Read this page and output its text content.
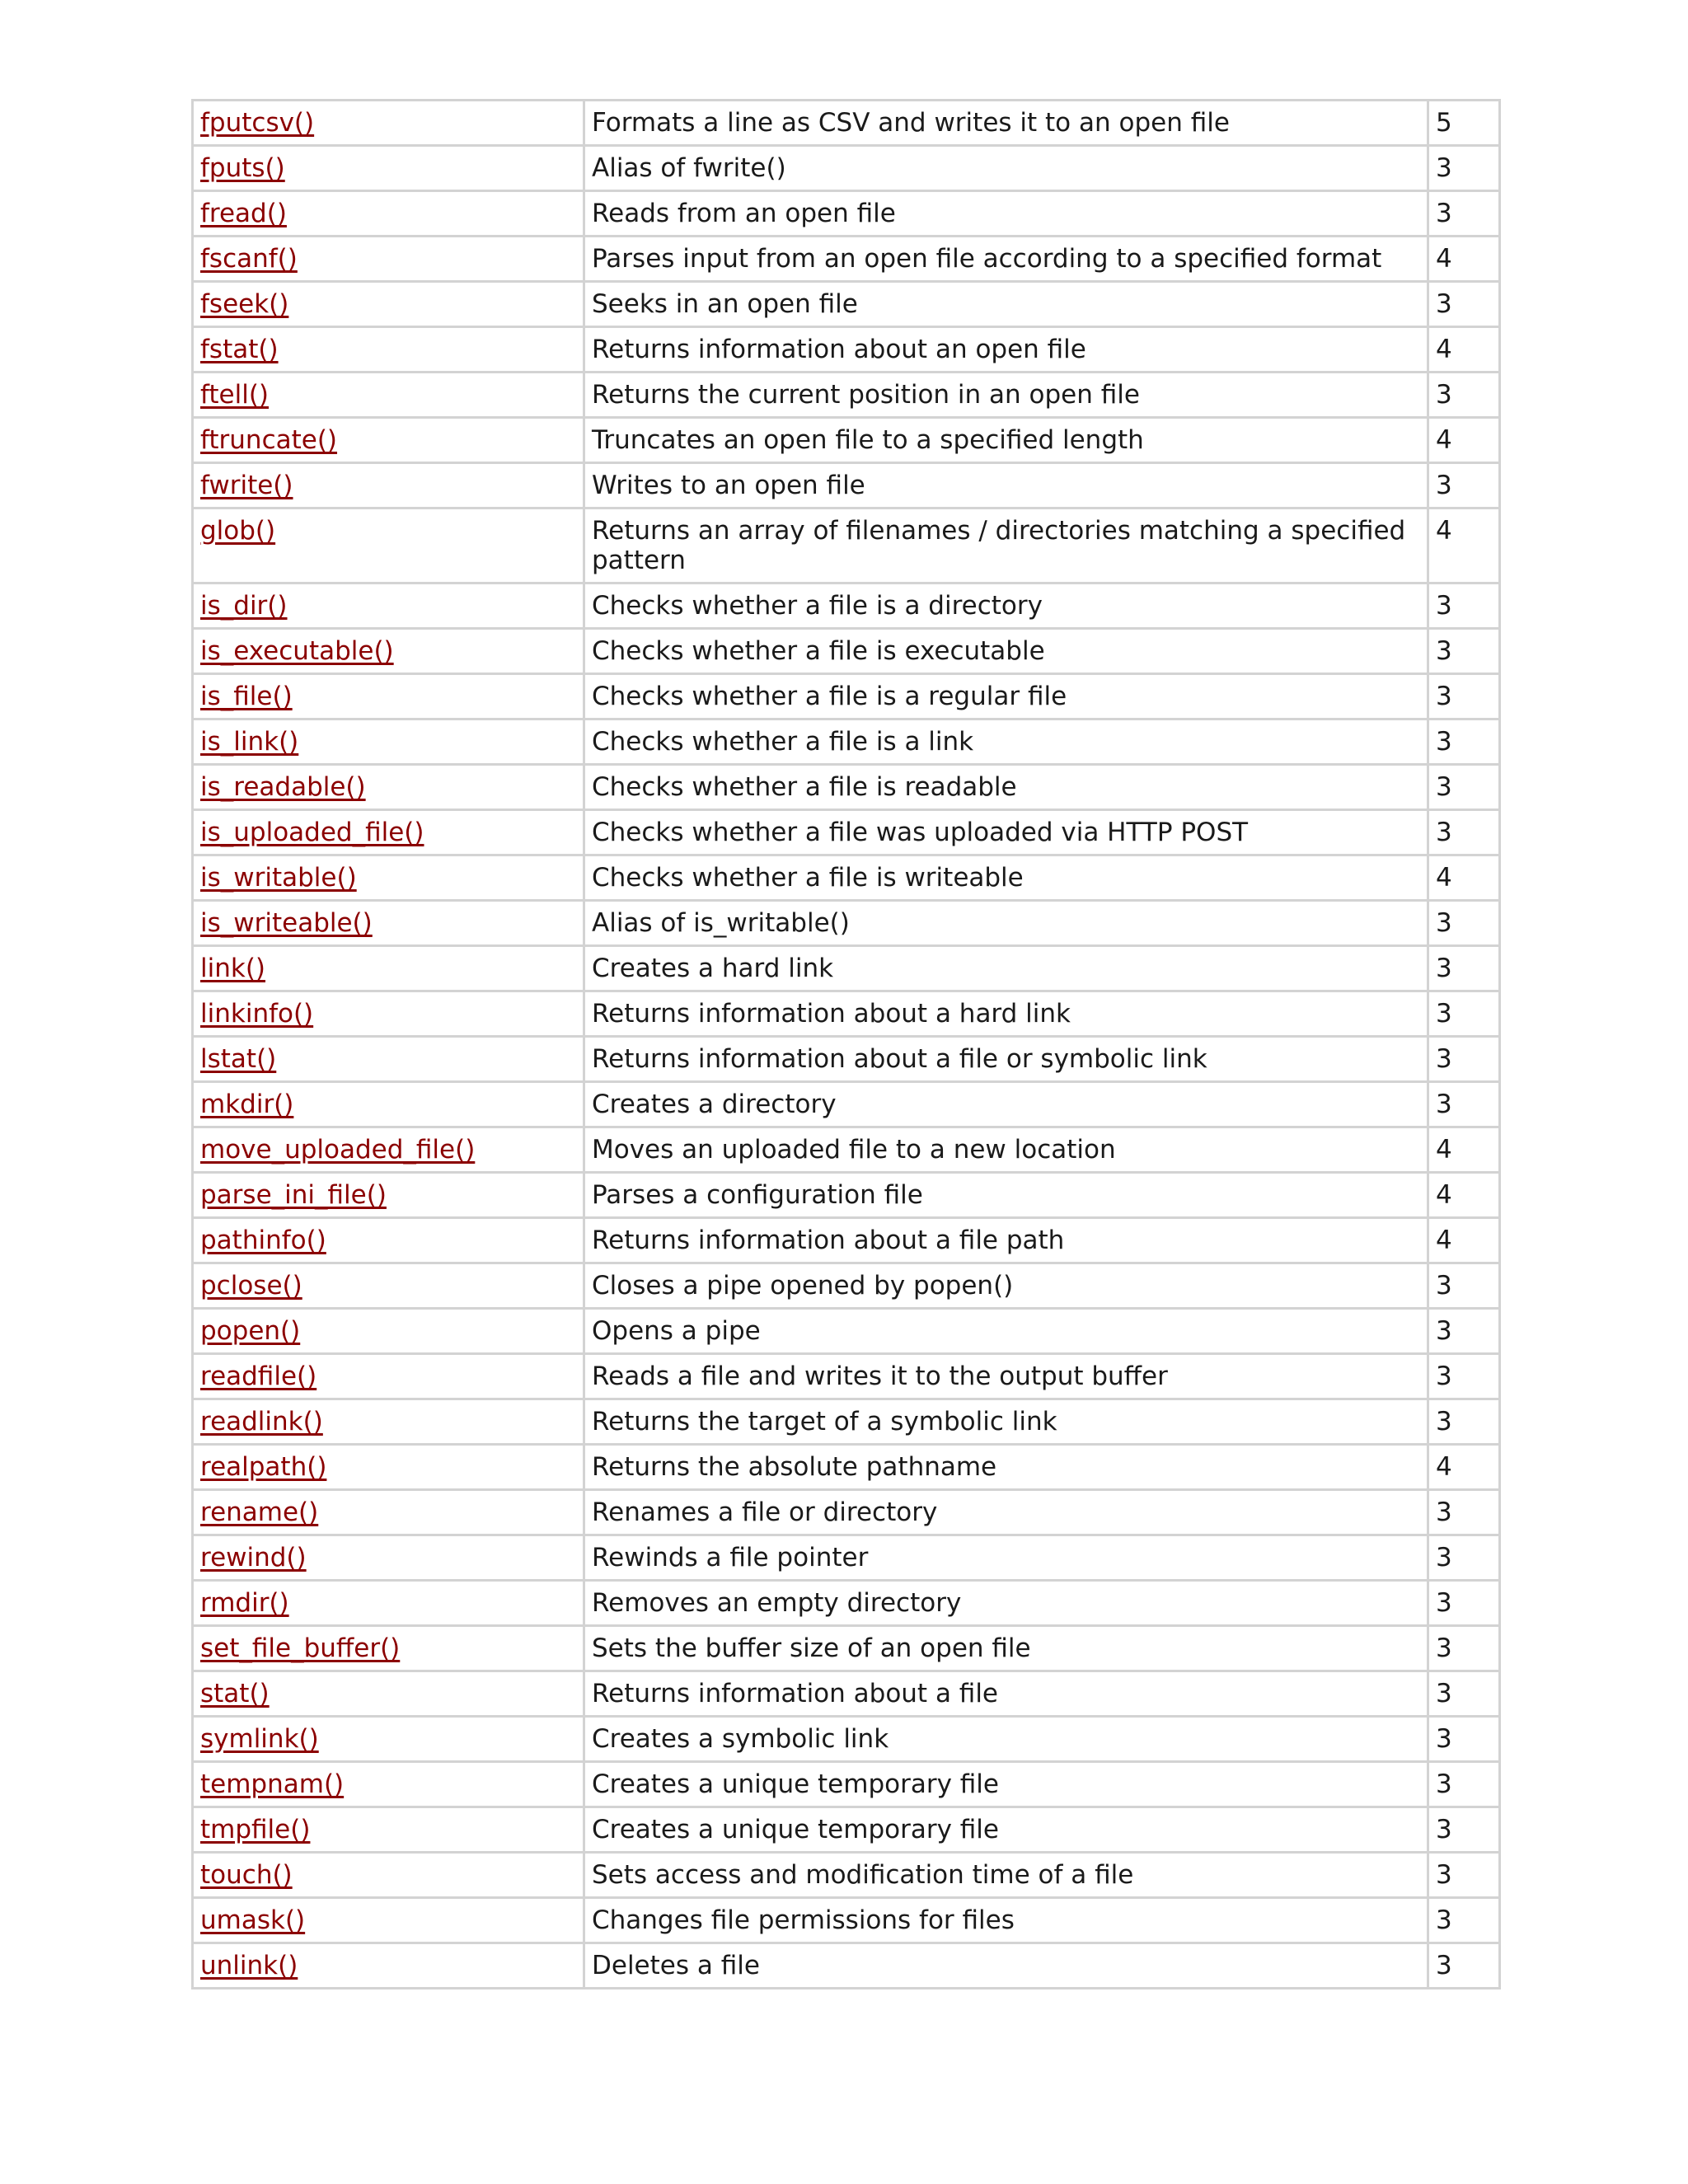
fputcsv()	Formats a line as CSV and writes it to an open file	5
fputs()	Alias of fwrite()	3
fread()	Reads from an open file	3
fscanf()	Parses input from an open file according to a specified format	4
fseek()	Seeks in an open file	3
fstat()	Returns information about an open file	4
ftell()	Returns the current position in an open file	3
ftruncate()	Truncates an open file to a specified length	4
fwrite()	Writes to an open file	3
glob()	Returns an array of filenames / directories matching a specified pattern	4
is_dir()	Checks whether a file is a directory	3
is_executable()	Checks whether a file is executable	3
is_file()	Checks whether a file is a regular file	3
is_link()	Checks whether a file is a link	3
is_readable()	Checks whether a file is readable	3
is_uploaded_file()	Checks whether a file was uploaded via HTTP POST	3
is_writable()	Checks whether a file is writeable	4
is_writeable()	Alias of is_writable()	3
link()	Creates a hard link	3
linkinfo()	Returns information about a hard link	3
lstat()	Returns information about a file or symbolic link	3
mkdir()	Creates a directory	3
move_uploaded_file()	Moves an uploaded file to a new location	4
parse_ini_file()	Parses a configuration file	4
pathinfo()	Returns information about a file path	4
pclose()	Closes a pipe opened by popen()	3
popen()	Opens a pipe	3
readfile()	Reads a file and writes it to the output buffer	3
readlink()	Returns the target of a symbolic link	3
realpath()	Returns the absolute pathname	4
rename()	Renames a file or directory	3
rewind()	Rewinds a file pointer	3
rmdir()	Removes an empty directory	3
set_file_buffer()	Sets the buffer size of an open file	3
stat()	Returns information about a file	3
symlink()	Creates a symbolic link	3
tempnam()	Creates a unique temporary file	3
tmpfile()	Creates a unique temporary file	3
touch()	Sets access and modification time of a file	3
umask()	Changes file permissions for files	3
unlink()	Deletes a file	3
